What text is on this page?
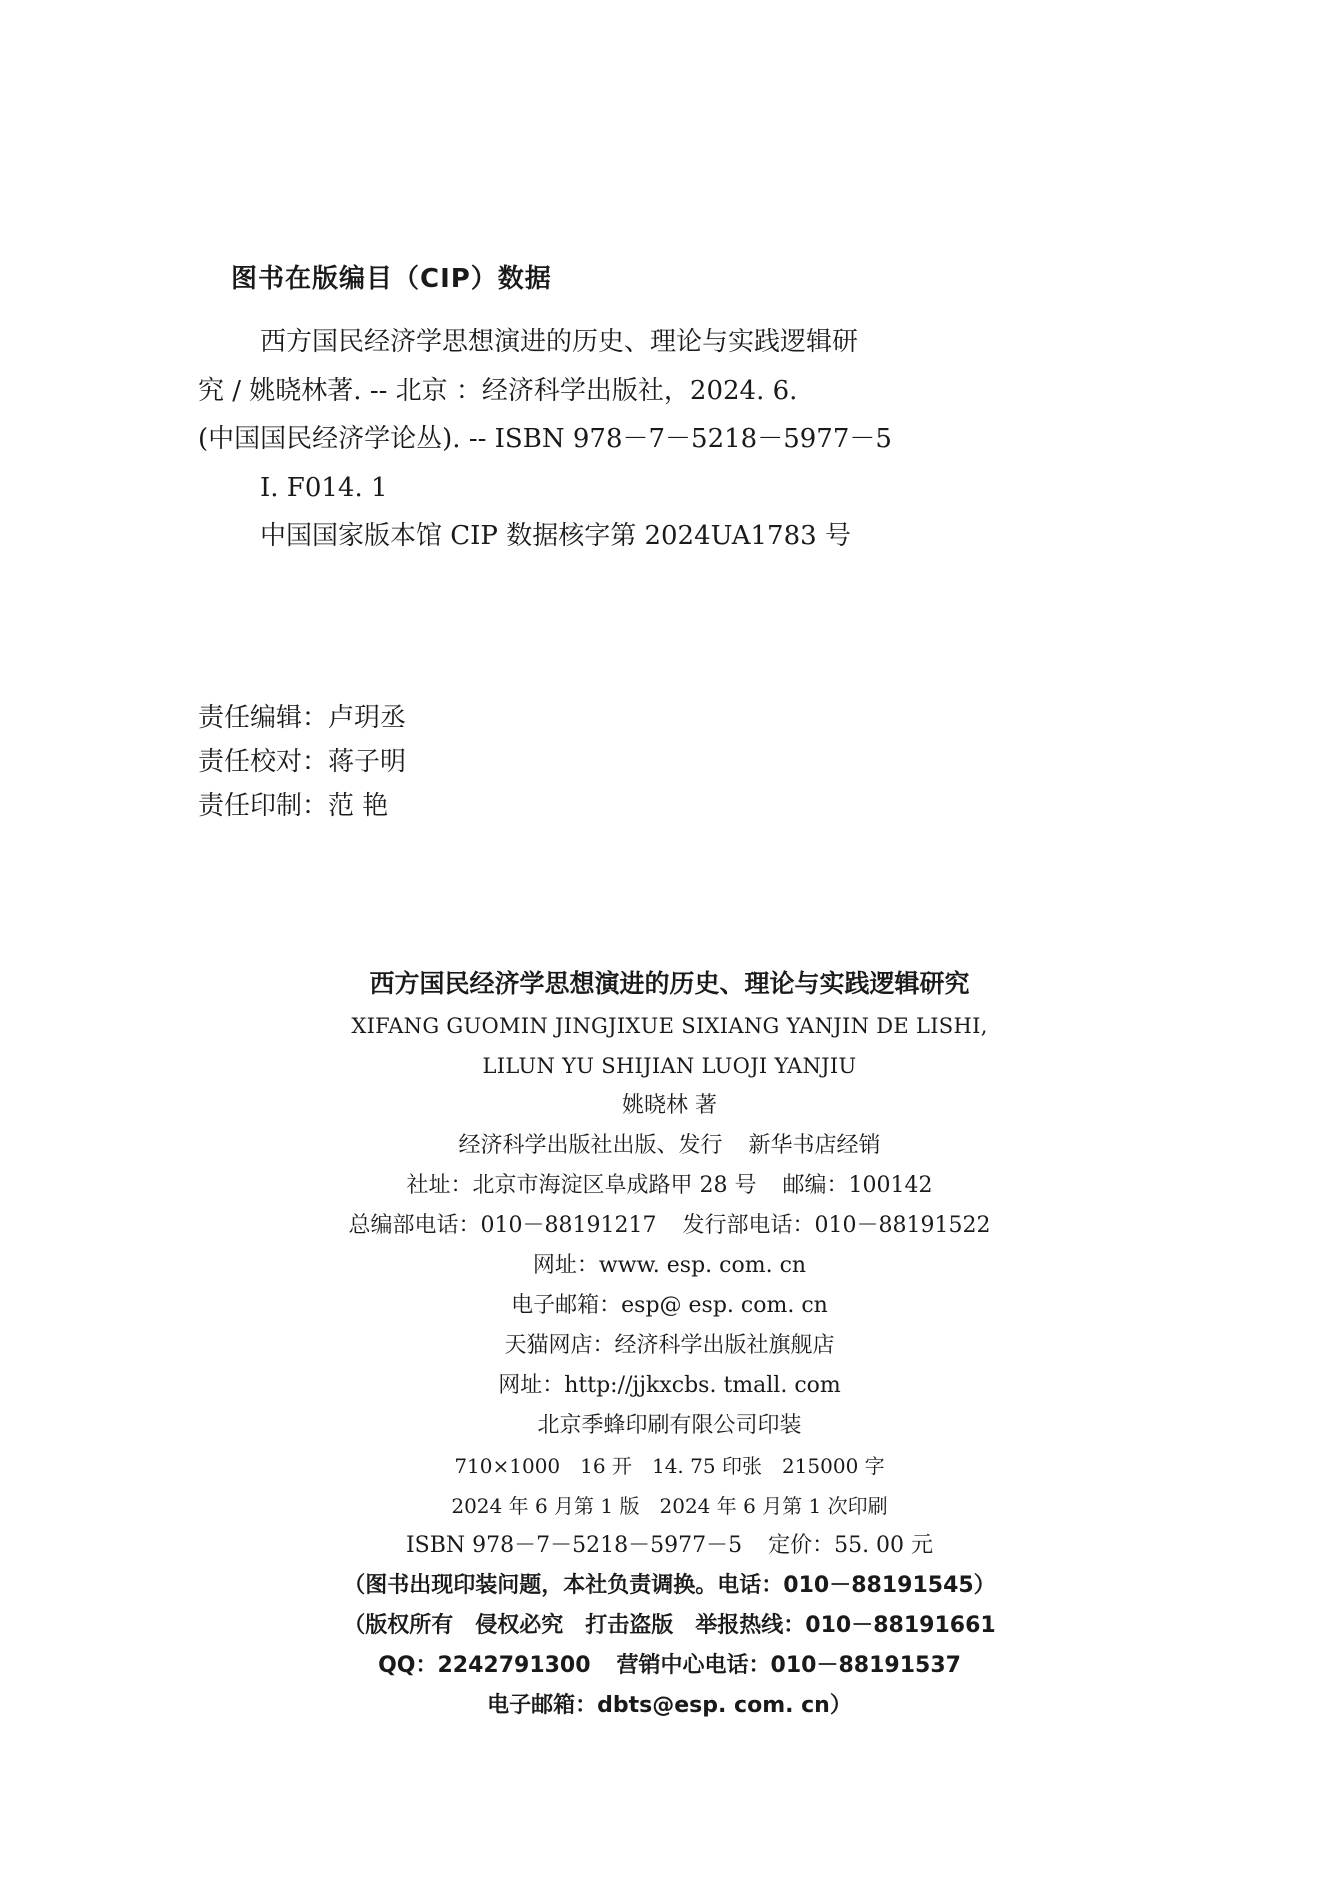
图书在版编目（CIP）数据
西方国民经济学思想演进的历史、理论与实践逻辑研
究 / 姚晓林著. -- 北京 ：经济科学出版社，2024. 6.
(中国国民经济学论丛). -- ISBN 978－7－5218－5977－5
Ⅰ. F014. 1
中国国家版本馆 CIP 数据核字第 2024UA1783 号
责任编辑：卢玥丞
责任校对：蒋子明
责任印制：范 艳
西方国民经济学思想演进的历史、理论与实践逻辑研究
XIFANG GUOMIN JINGJIXUE SIXIANG YANJIN DE LISHI,
LILUN YU SHIJIAN LUOJI YANJIU
姚晓林 著
经济科学出版社出版、发行 新华书店经销
社址：北京市海淀区阜成路甲 28 号 邮编：100142
总编部电话：010－88191217 发行部电话：010－88191522
网址：www. esp. com. cn
电子邮箱：esp@ esp. com. cn
天猫网店：经济科学出版社旗舰店
网址：http://jjkxcbs. tmall. com
北京季蜂印刷有限公司印装
710×1000 16 开 14. 75 印张 215000 字
2024 年 6 月第 1 版 2024 年 6 月第 1 次印刷
ISBN 978－7－5218－5977－5 定价：55. 00 元
（图书出现印装问题，本社负责调换。电话：010－88191545）
（版权所有　侵权必究　打击盗版　举报热线：010－88191661
QQ：2242791300 营销中心电话：010－88191537
电子邮箱：dbts@esp. com. cn）
